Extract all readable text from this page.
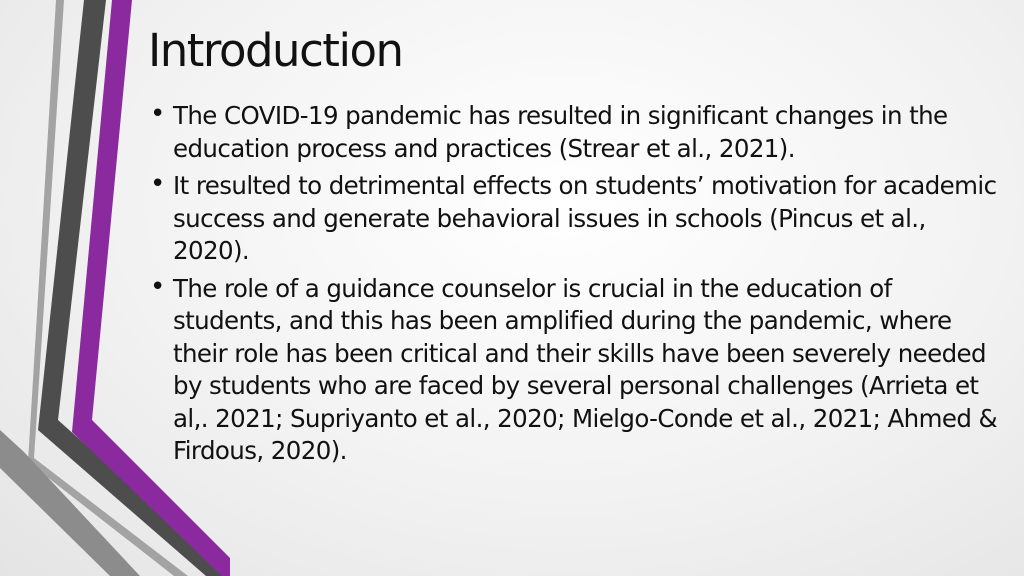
Introduction
• The COVID-19 pandemic has resulted in significant changes in the education process and practices (Strear et al., 2021).
• It resulted to detrimental effects on students’ motivation for academic success and generate behavioral issues in schools (Pincus et al., 2020).
• The role of a guidance counselor is crucial in the education of students, and this has been amplified during the pandemic, where their role has been critical and their skills have been severely needed by students who are faced by several personal challenges (Arrieta et al,. 2021; Supriyanto et al., 2020; Mielgo-Conde et al., 2021; Ahmed & Firdous, 2020).
